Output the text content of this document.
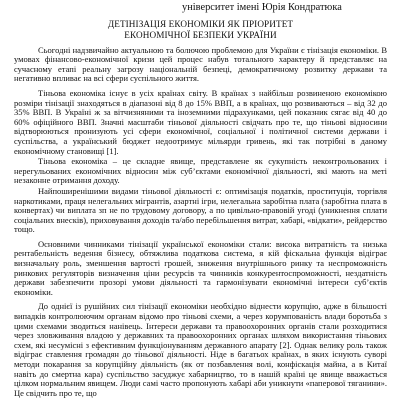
університет імені Юрія Кондратюка
ДЕТІНІЗАЦІЯ ЕКОНОМІКИ ЯК ПРІОРИТЕТ
ЕКОНОМІЧНОЇ БЕЗПЕКИ УКРАЇНИ

Сьогодні надзвичайно актуальною та болючою проблемою для України є тінізація економіки. В умовах фінансово-економічної кризи цей процес набув тотального характеру й представляє на сучасному етапі реальну загрозу національній безпеці, демократичному розвитку держави та негативно впливає на всі сфери суспільного життя.

Тіньова економіка існує в усіх країнах світу. В країнах з найбільш розвиненою економікою розміри тінізації знаходяться в діапазоні від 8 до 15% ВВП, а в країнах, що розвиваються – від 32 до 35% ВВП. В Україні ж за вітчизняними та іноземними підрахунками, цей показник сягає від 40 до 60% офіційного ВВП. Значні масштаби тіньової діяльності свідчать про те, що тіньові відносини відтворюються пронизують усі сфери економічної, соціальної і політичної системи держави і суспільства, а український бюджет недоотримує мільярди гривень, які так потрібні в даному економічному становищі [1].

Тіньова економіка – це складне явище, представлене як сукупність неконтрольованих і нерегульованих економічних відносин між суб’єктами економічної діяльності, які мають на меті незаконне отримання доходу.

Найпоширенішими видами тіньової діяльності є: оптимізація податків, проституція, торгівля наркотиками, праця нелегальних мігрантів, азартні ігри, нелегальна заробітна плата (заробітна плата в конвертах) чи виплата зп не по трудовому договору, а по цивільно-правовій угоді (уникнення сплати соціальних внесків), приховування доходів та/або перебільшення витрат, хабарі, «відкати», рейдерство тощо.

Основними чинниками тінізації української економіки стали: висока витратність та низька рентабельність ведення бізнесу, обтяжлива податкова система, я кій фіскальна функція відіграє визначальну роль, зменшення вартості грошей, зниження внутрішнього ринку та неспроможність ринкових регуляторів визначення ціни ресурсів та чинників конкурентоспроможності, нездатність держави забезпечити прозорі умови діяльності та гармонізувати економічні інтереси суб’єктів економіки.

До однієї із рушійних сил тінізації економіки необхідно віднести корупцію, адже в більшості випадків контролюючим органам відомо про тіньові схеми, а через корумпованість влади боротьба з цими схемами зводиться нанівець. Інтереси держави та правоохоронних органів стали розходитися через зловживання владою у державних та правоохоронних органах шляхом використання тіньових схем, які несумісні з ефективним функціонуванням державного апарату [2]. Однак велику роль також відіграє ставлення громадян до тіньової діяльності. Ніде в багатьох країнах, в яких існують суворі методи покарання за корупційну діяльність (як от позбавлення волі, конфіскація майна, а в Китаї навіть до смертна кара) суспільство засуджує хабарництво, то в нашій країні це явище вважається цілком нормальним явищем. Люди самі часто пропонують хабарі аби уникнути «паперової тяганини». Це свідчить про те, що
